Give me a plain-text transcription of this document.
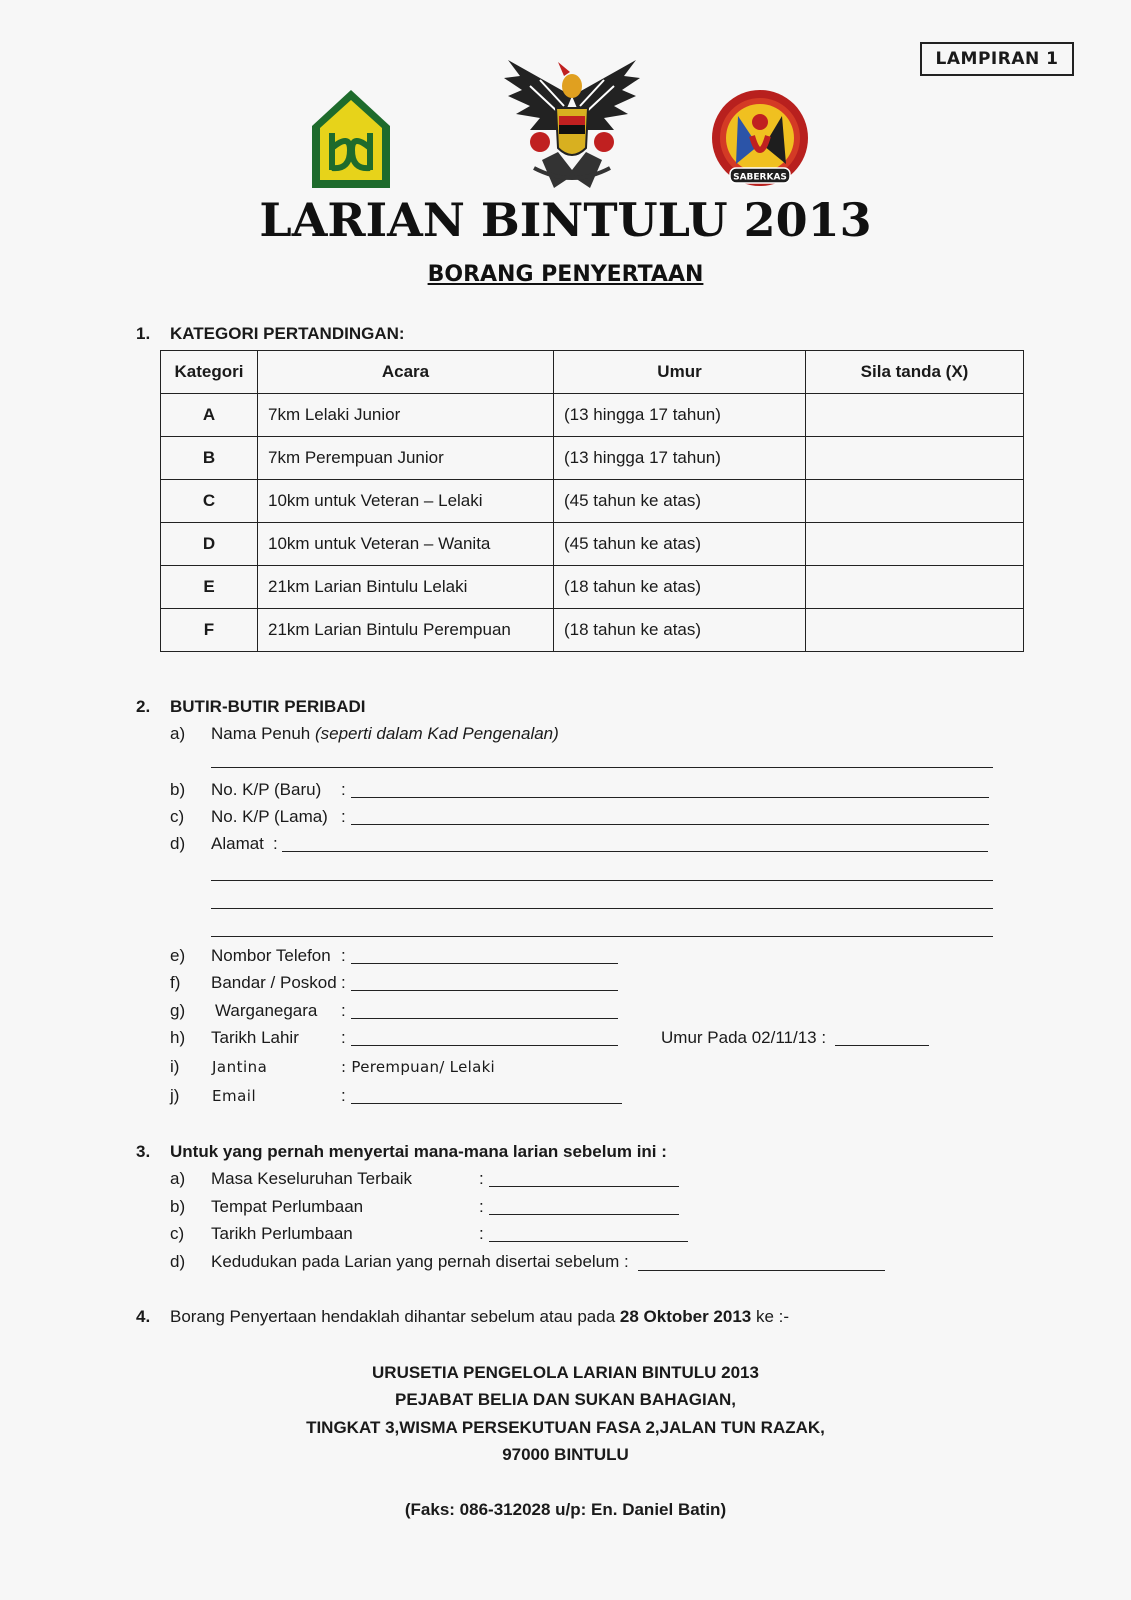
LAMPIRAN 1
SABERKAS
LARIAN BINTULU 2013
BORANG PENYERTAAN
1. KATEGORI PERTANDINGAN:
Kategori	Acara	Umur	Sila tanda (X)
A	7km Lelaki Junior	(13 hingga 17 tahun)	
B	7km Perempuan Junior	(13 hingga 17 tahun)	
C	10km untuk Veteran – Lelaki	(45 tahun ke atas)	
D	10km untuk Veteran – Wanita	(45 tahun ke atas)	
E	21km Larian Bintulu Lelaki	(18 tahun ke atas)	
F	21km Larian Bintulu Perempuan	(18 tahun ke atas)	
2. BUTIR-BUTIR PERIBADI
a) Nama Penuh (seperti dalam Kad Pengenalan)
b) No. K/P (Baru) :
c) No. K/P (Lama) :
d) Alamat :
e) Nombor Telefon :
f) Bandar / Poskod :
g) Warganegara :
h) Tarikh Lahir :	Umur Pada 02/11/13 :
i) Jantina	: Perempuan/ Lelaki
j) Email	:
3. Untuk yang pernah menyertai mana-mana larian sebelum ini :
a) Masa Keseluruhan Terbaik	:
b) Tempat Perlumbaan	:
c) Tarikh Perlumbaan	:
d) Kedudukan pada Larian yang pernah disertai sebelum :
4. Borang Penyertaan hendaklah dihantar sebelum atau pada 28 Oktober 2013 ke :-
URUSETIA PENGELOLA LARIAN BINTULU 2013
PEJABAT BELIA DAN SUKAN BAHAGIAN,
TINGKAT 3,WISMA PERSEKUTUAN FASA 2,JALAN TUN RAZAK,
97000 BINTULU
(Faks: 086-312028 u/p: En. Daniel Batin)
